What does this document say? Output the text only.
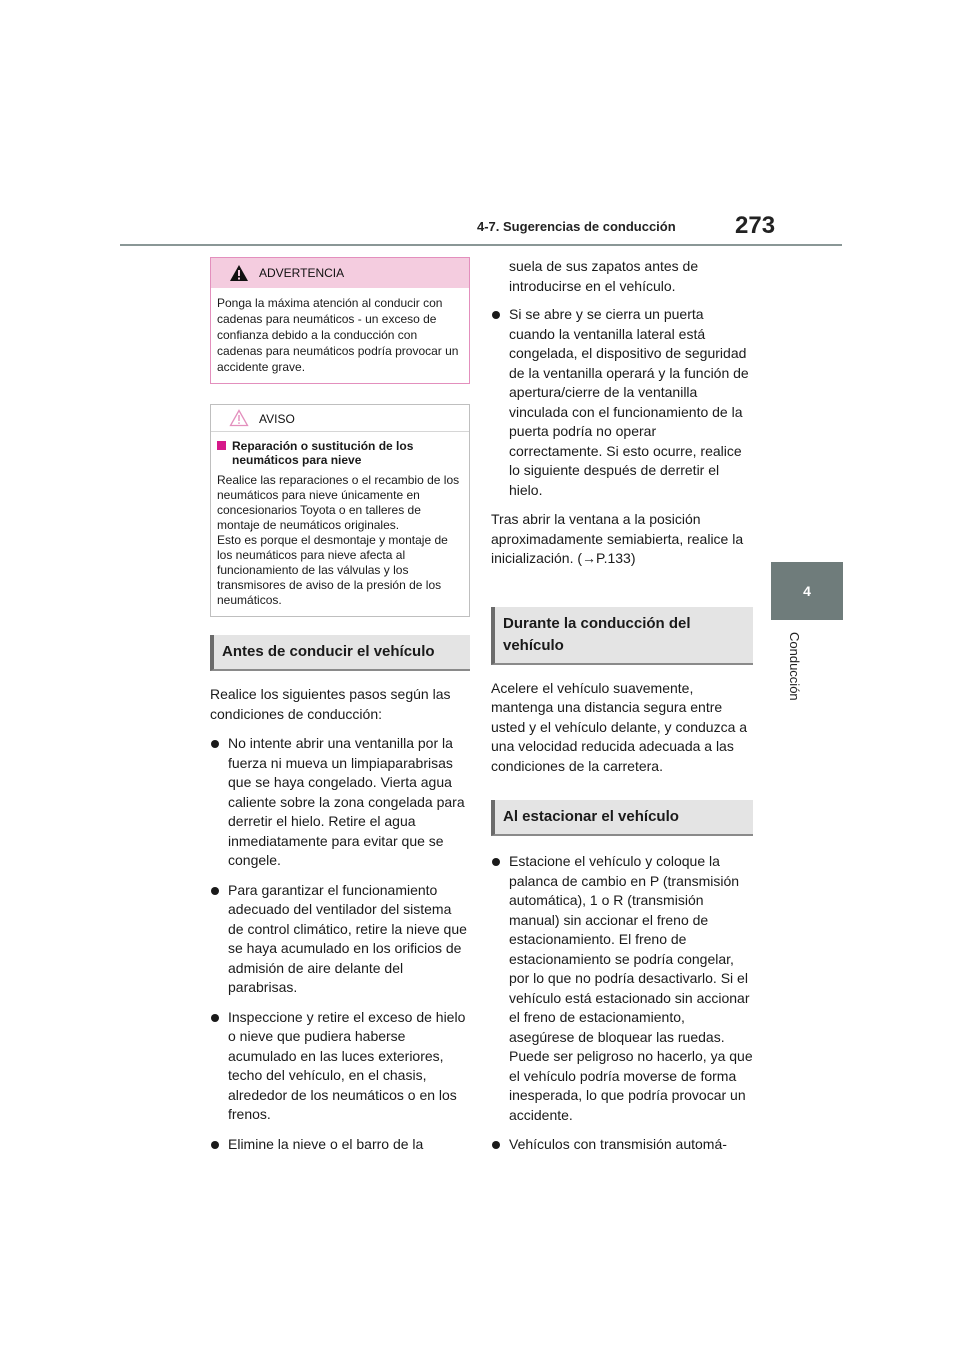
4-7. Sugerencias de conducción 273
4
Conducción
ADVERTENCIA
Ponga la máxima atención al conducir con cadenas para neumáticos - un exceso de confianza debido a la conducción con cadenas para neumáticos podría provocar un accidente grave.
AVISO
Reparación o sustitución de los neumáticos para nieve
Realice las reparaciones o el recambio de los neumáticos para nieve únicamente en concesionarios Toyota o en talleres de montaje de neumáticos originales.
Esto es porque el desmontaje y montaje de los neumáticos para nieve afecta al funcionamiento de las válvulas y los transmisores de aviso de la presión de los neumáticos.
Antes de conducir el vehículo

Realice los siguientes pasos según las condiciones de conducción:

No intente abrir una ventanilla por la fuerza ni mueva un limpiaparabrisas que se haya congelado. Vierta agua caliente sobre la zona congelada para derretir el hielo. Retire el agua inmediatamente para evitar que se congele.
Para garantizar el funcionamiento adecuado del ventilador del sistema de control climático, retire la nieve que se haya acumulado en los orificios de admisión de aire delante del parabrisas.
Inspeccione y retire el exceso de hielo o nieve que pudiera haberse acumulado en las luces exteriores, techo del vehículo, en el chasis, alrededor de los neumáticos o en los frenos.
Elimine la nieve o el barro de la

suela de sus zapatos antes de introducirse en el vehículo.

Si se abre y se cierra un puerta cuando la ventanilla lateral está congelada, el dispositivo de seguridad de la ventanilla operará y la función de apertura/cierre de la ventanilla vinculada con el funcionamiento de la puerta podría no operar correctamente. Si esto ocurre, realice lo siguiente después de derretir el hielo.

Tras abrir la ventana a la posición aproximadamente semiabierta, realice la inicialización. (→P.133)

Durante la conducción del vehículo

Acelere el vehículo suavemente, mantenga una distancia segura entre usted y el vehículo delante, y conduzca a una velocidad reducida adecuada a las condiciones de la carretera.

Al estacionar el vehículo
Estacione el vehículo y coloque la palanca de cambio en P (transmisión automática), 1 o R (transmisión manual) sin accionar el freno de estacionamiento. El freno de estacionamiento se podría congelar, por lo que no podría desactivarlo. Si el vehículo está estacionado sin accionar el freno de estacionamiento, asegúrese de bloquear las ruedas. Puede ser peligroso no hacerlo, ya que el vehículo podría moverse de forma inesperada, lo que podría provocar un accidente.
Vehículos con transmisión automá-
